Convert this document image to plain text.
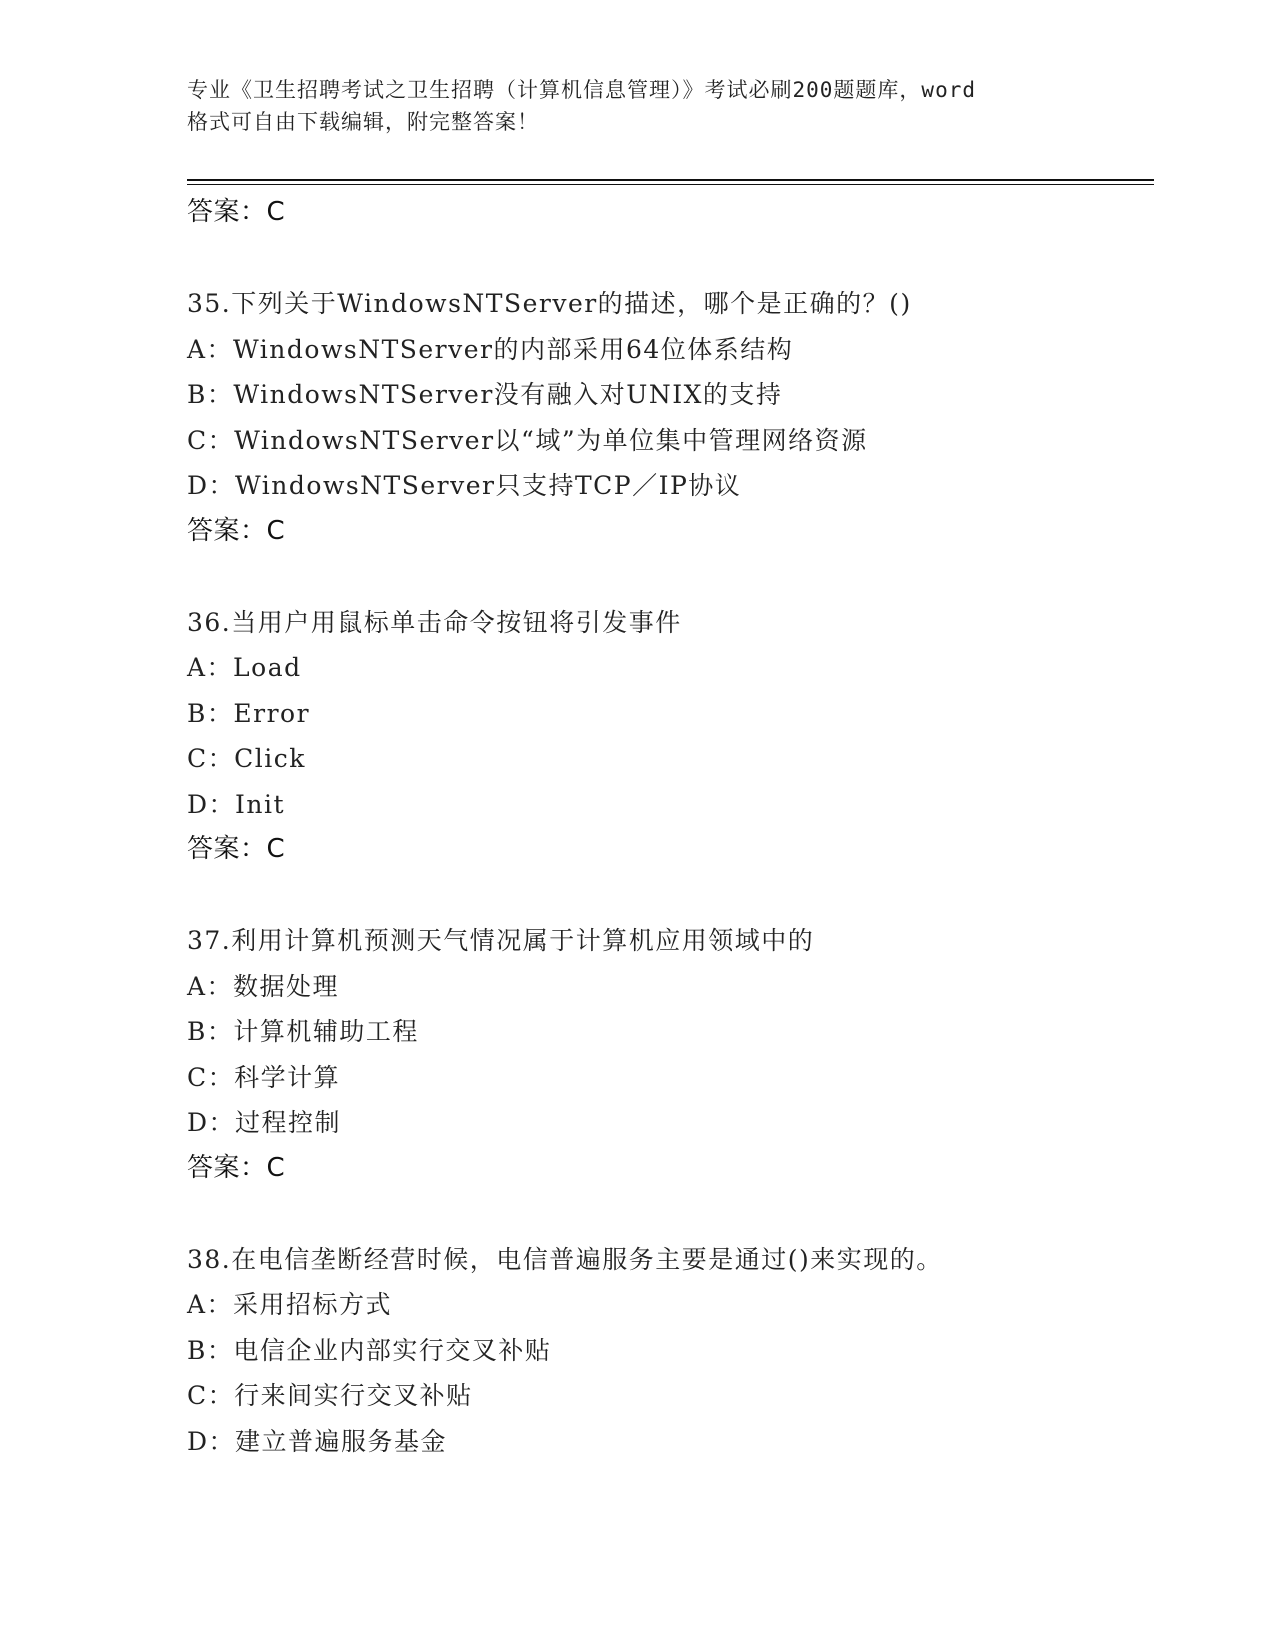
专业《卫生招聘考试之卫生招聘（计算机信息管理）》考试必刷200题题库，word
格式可自由下载编辑，附完整答案！
答案：C
35.下列关于WindowsNTServer的描述，哪个是正确的？()
A：WindowsNTServer的内部采用64位体系结构
B：WindowsNTServer没有融入对UNIX的支持
C：WindowsNTServer以“域”为单位集中管理网络资源
D：WindowsNTServer只支持TCP／IP协议
答案：C
36.当用户用鼠标单击命令按钮将引发事件
A：Load
B：Error
C：Click
D：Init
答案：C
37.利用计算机预测天气情况属于计算机应用领域中的
A：数据处理
B：计算机辅助工程
C：科学计算
D：过程控制
答案：C
38.在电信垄断经营时候，电信普遍服务主要是通过()来实现的。
A：采用招标方式
B：电信企业内部实行交叉补贴
C：行来间实行交叉补贴
D：建立普遍服务基金
